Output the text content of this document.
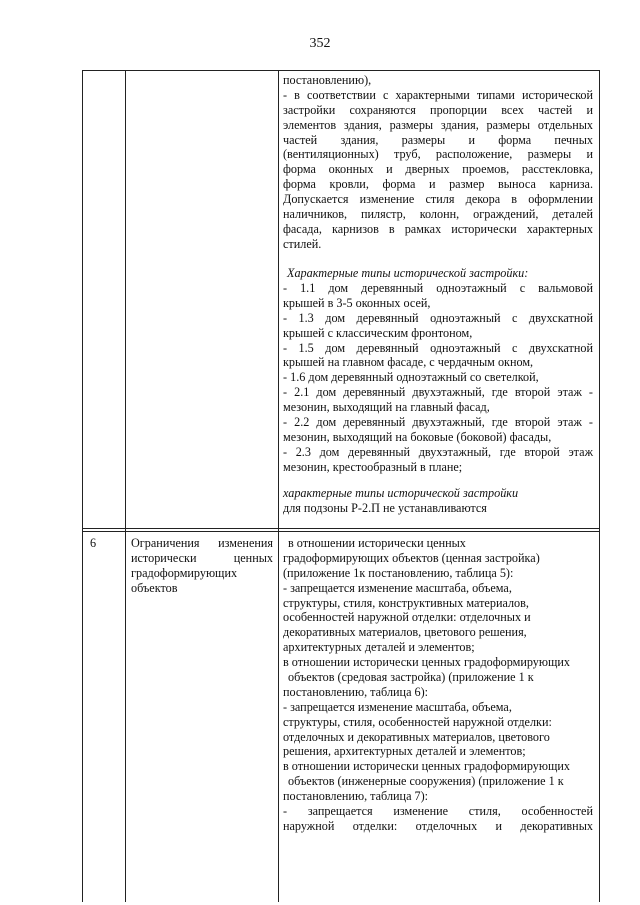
352
постановлению),
- в соответствии с характерными типами исторической
застройки сохраняются пропорции всех частей и
элементов здания, размеры здания, размеры отдельных
частей здания, размеры и форма печных
(вентиляционных) труб, расположение, размеры и
форма оконных и дверных проемов, расстекловка,
форма кровли, форма и размер выноса карниза.
Допускается изменение стиля декора в оформлении
наличников, пилястр, колонн, ограждений, деталей
фасада, карнизов в рамках исторически характерных
стилей.
Характерные типы исторической застройки:
- 1.1 дом деревянный одноэтажный с вальмовой
крышей в 3-5 оконных осей,
- 1.3 дом деревянный одноэтажный с двухскатной
крышей с классическим фронтоном,
- 1.5 дом деревянный одноэтажный с двухскатной
крышей на главном фасаде, с чердачным окном,
- 1.6 дом деревянный одноэтажный со светелкой,
- 2.1 дом деревянный двухэтажный, где второй этаж -
мезонин, выходящий на главный фасад,
- 2.2 дом деревянный двухэтажный, где второй этаж -
мезонин, выходящий на боковые (боковой) фасады,
- 2.3 дом деревянный двухэтажный, где второй этаж
мезонин, крестообразный в плане;
характерные типы исторической застройки
для подзоны Р-2.П не устанавливаются
6	Ограничения изменения
исторически ценных
градоформирующих
объектов
в отношении исторически ценных
градоформирующих объектов (ценная застройка)
(приложение 1к постановлению, таблица 5):
- запрещается изменение масштаба, объема,
структуры, стиля, конструктивных материалов,
особенностей наружной отделки: отделочных и
декоративных материалов, цветового решения,
архитектурных деталей и элементов;
в отношении исторически ценных градоформирующих
объектов (средовая застройка) (приложение 1 к
постановлению, таблица 6):
- запрещается изменение масштаба, объема,
структуры, стиля, особенностей наружной отделки:
отделочных и декоративных материалов, цветового
решения, архитектурных деталей и элементов;
в отношении исторически ценных градоформирующих
объектов (инженерные сооружения) (приложение 1 к
постановлению, таблица 7):
- запрещается изменение стиля, особенностей
наружной отделки: отделочных и декоративных
